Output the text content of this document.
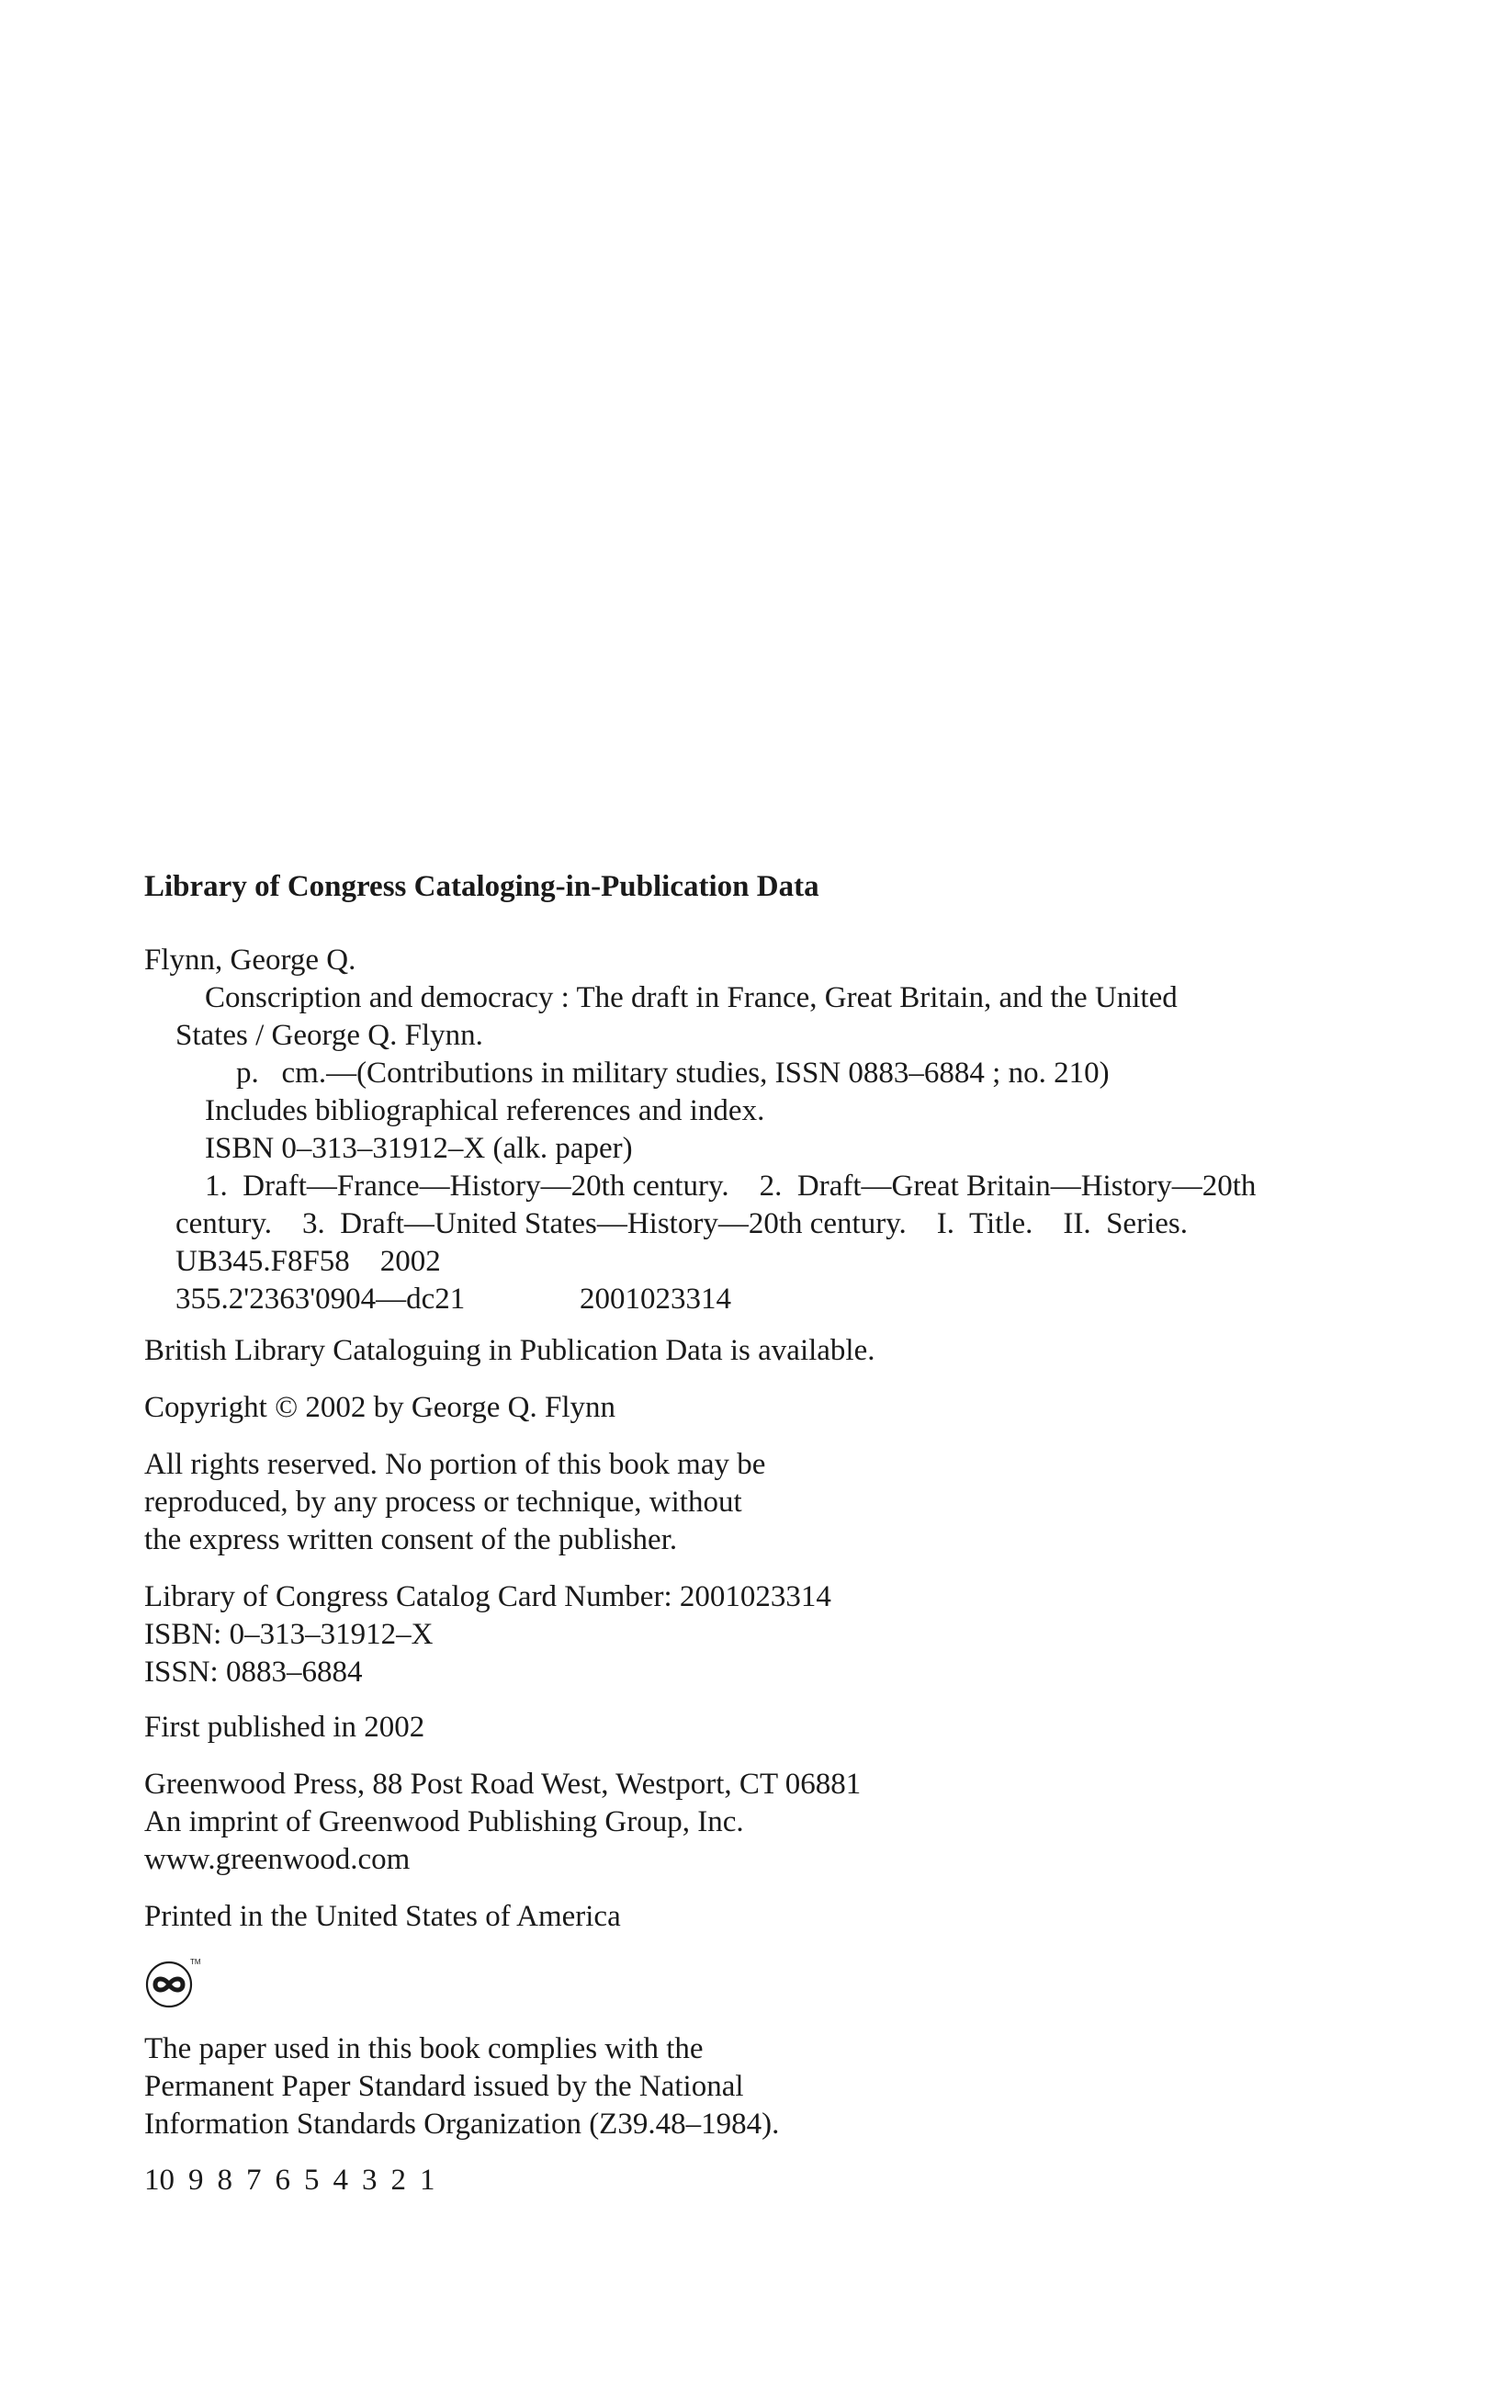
Library of Congress Cataloging-in-Publication Data
Flynn, George Q.
Conscription and democracy : The draft in France, Great Britain, and the United
States / George Q. Flynn.
p.   cm.—(Contributions in military studies, ISSN 0883–6884 ; no. 210)
Includes bibliographical references and index.
ISBN 0–313–31912–X (alk. paper)
1.  Draft—France—History—20th century.    2.  Draft—Great Britain—History—20th
century.    3.  Draft—United States—History—20th century.    I.  Title.    II.  Series.
UB345.F8F58    2002
355.2'2363'0904—dc21	2001023314
British Library Cataloguing in Publication Data is available.
Copyright © 2002 by George Q. Flynn
All rights reserved. No portion of this book may be
reproduced, by any process or technique, without
the express written consent of the publisher.
Library of Congress Catalog Card Number: 2001023314
ISBN: 0–313–31912–X
ISSN: 0883–6884
First published in 2002
Greenwood Press, 88 Post Road West, Westport, CT 06881
An imprint of Greenwood Publishing Group, Inc.
www.greenwood.com
Printed in the United States of America
TM
The paper used in this book complies with the
Permanent Paper Standard issued by the National
Information Standards Organization (Z39.48–1984).
10 9 8 7 6 5 4 3 2 1
